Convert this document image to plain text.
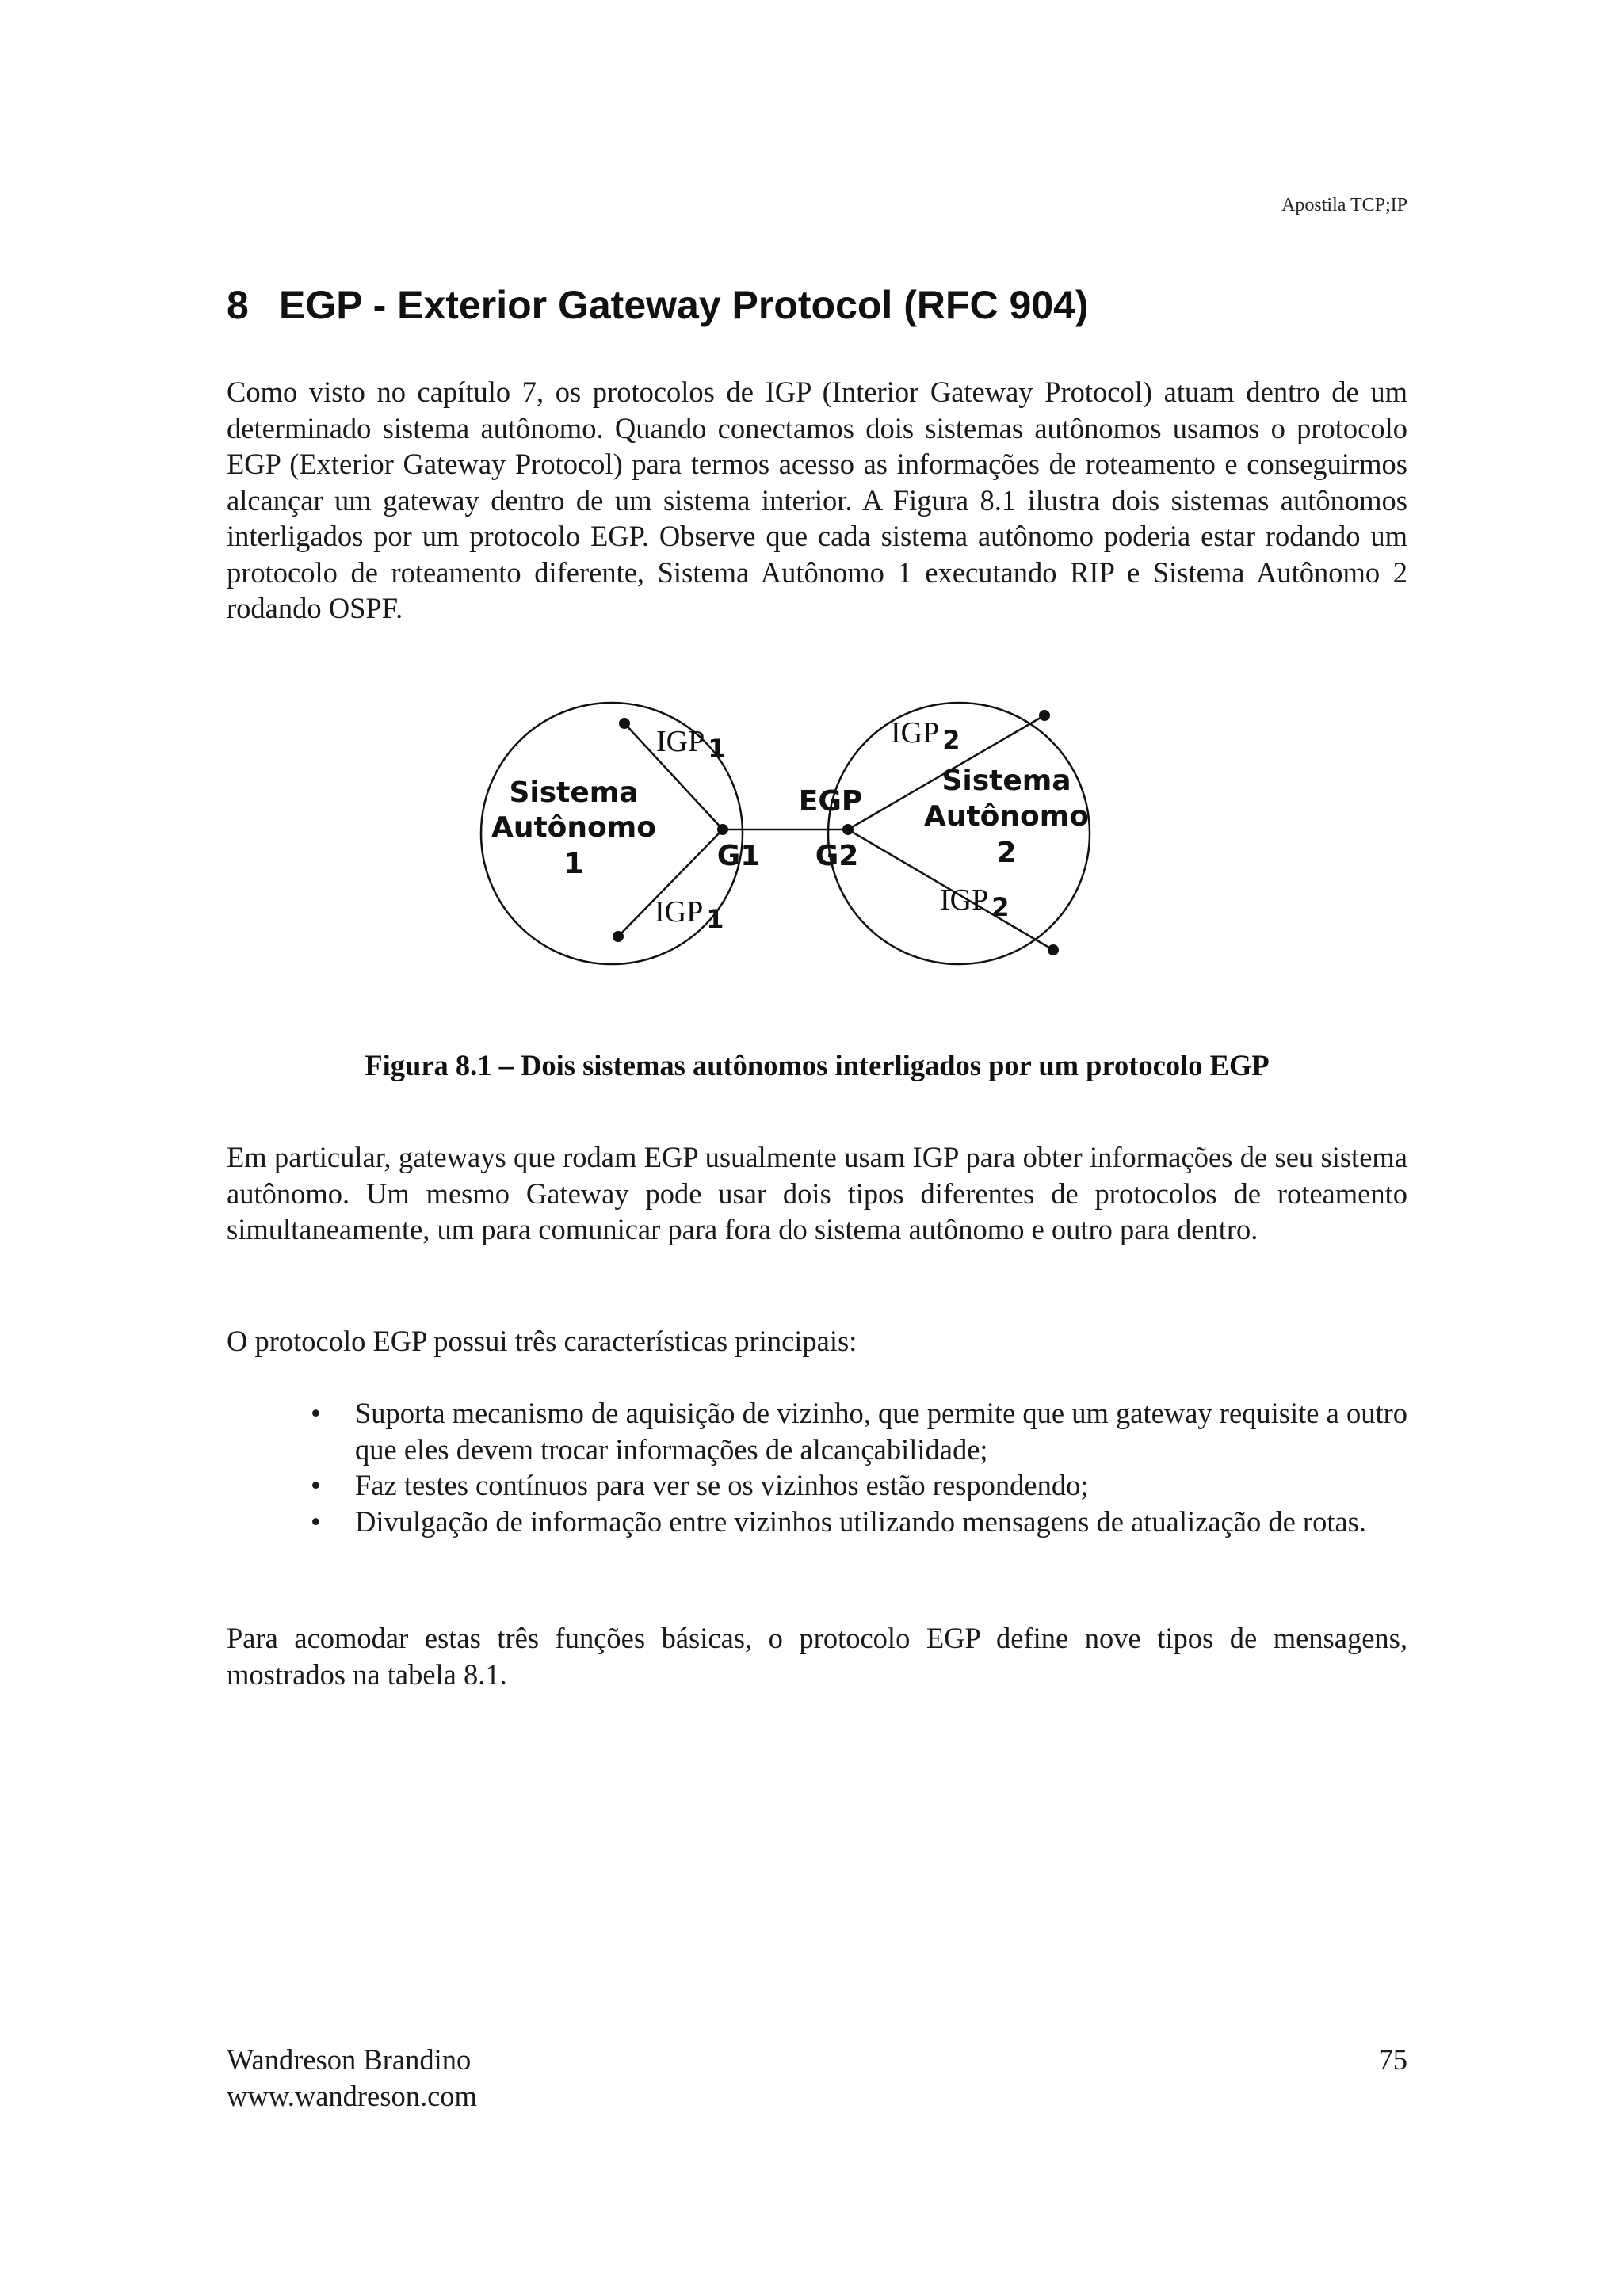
Apostila TCP;IP
8 EGP - Exterior Gateway Protocol (RFC 904)

Como visto no capítulo 7, os protocolos de IGP (Interior Gateway Protocol) atuam dentro de um determinado sistema autônomo. Quando conectamos dois sistemas autônomos usamos o protocolo EGP (Exterior Gateway Protocol) para termos acesso as informações de roteamento e conseguirmos alcançar um gateway dentro de um sistema interior. A Figura 8.1 ilustra dois sistemas autônomos interligados por um protocolo EGP. Observe que cada sistema autônomo poderia estar rodando um protocolo de roteamento diferente, Sistema Autônomo 1 executando RIP e Sistema Autônomo 2 rodando OSPF.

Sistema
Autônomo
1
Sistema
Autônomo
2
EGP
G1 G2
IGP $_1$
IGP $_1$
IGP $_2$
IGP $_2$
Figura 8.1 – Dois sistemas autônomos interligados por um protocolo EGP

Em particular, gateways que rodam EGP usualmente usam IGP para obter informações de seu sistema autônomo. Um mesmo Gateway pode usar dois tipos diferentes de protocolos de roteamento simultaneamente, um para comunicar para fora do sistema autônomo e outro para dentro.

O protocolo EGP possui três características principais:

• Suporta mecanismo de aquisição de vizinho, que permite que um gateway requisite a outro que eles devem trocar informações de alcançabilidade;
• Faz testes contínuos para ver se os vizinhos estão respondendo;
• Divulgação de informação entre vizinhos utilizando mensagens de atualização de rotas.

Para acomodar estas três funções básicas, o protocolo EGP define nove tipos de mensagens, mostrados na tabela 8.1.

Wandreson Brandino
www.wandreson.com
75
